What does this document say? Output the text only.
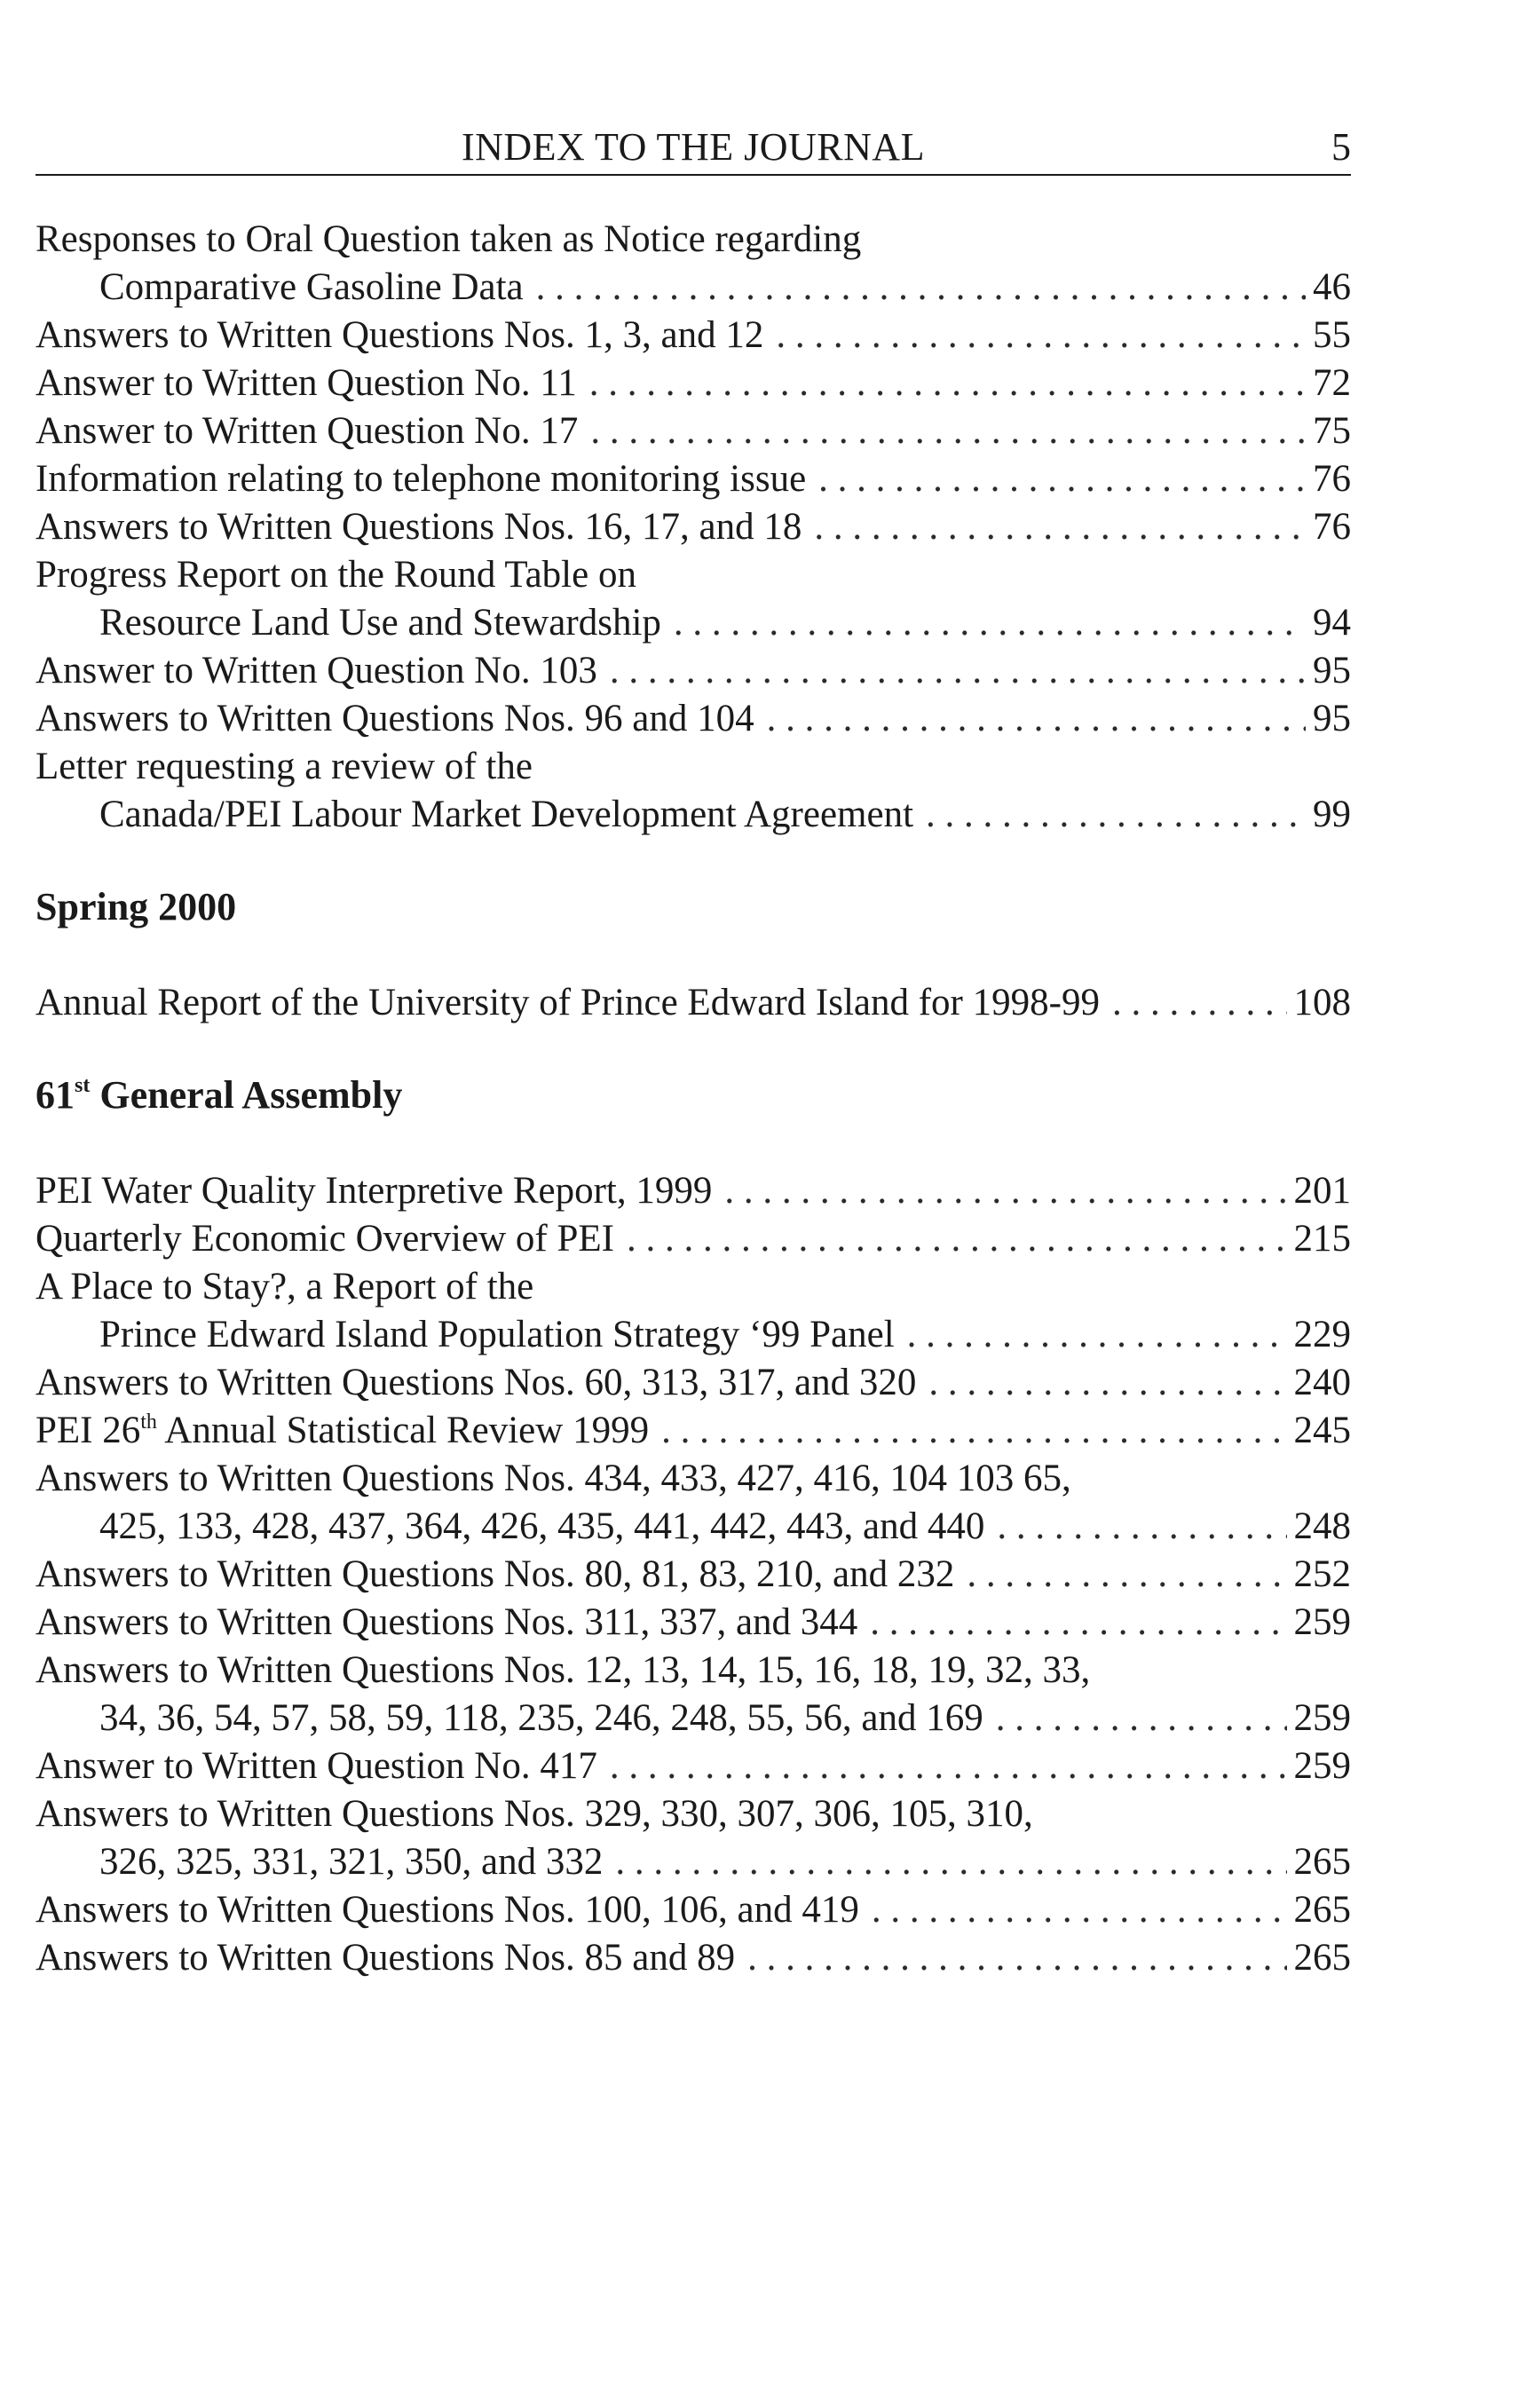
INDEX TO THE JOURNAL	5
Responses to Oral Question taken as Notice regarding
Comparative Gasoline Data . . .	46
Answers to Written Questions Nos. 1, 3, and 12 . . .	55
Answer to Written Question No. 11 . . .	72
Answer to Written Question No. 17 . . .	75
Information relating to telephone monitoring issue . . .	76
Answers to Written Questions Nos. 16, 17, and 18 . . .	76
Progress Report on the Round Table on
Resource Land Use and Stewardship . . .	94
Answer to Written Question No. 103 . . .	95
Answers to Written Questions Nos. 96 and 104 . . .	95
Letter requesting a review of the
Canada/PEI Labour Market Development Agreement . . .	99
Spring 2000
Annual Report of the University of Prince Edward Island for 1998-99 . . .	108
61st General Assembly
PEI Water Quality Interpretive Report, 1999 . . .	201
Quarterly Economic Overview of PEI . . .	215
A Place to Stay?, a Report of the
Prince Edward Island Population Strategy ‘99 Panel . . .	229
Answers to Written Questions Nos. 60, 313, 317, and 320 . . .	240
PEI 26th Annual Statistical Review 1999 . . .	245
Answers to Written Questions Nos. 434, 433, 427, 416, 104 103 65,
425, 133, 428, 437, 364, 426, 435, 441, 442, 443, and 440 . . .	248
Answers to Written Questions Nos. 80, 81, 83, 210, and 232 . . .	252
Answers to Written Questions Nos. 311, 337, and 344 . . .	259
Answers to Written Questions Nos. 12, 13, 14, 15, 16, 18, 19, 32, 33,
34, 36, 54, 57, 58, 59, 118, 235, 246, 248, 55, 56, and 169 . . .	259
Answer to Written Question No. 417 . . .	259
Answers to Written Questions Nos. 329, 330, 307, 306, 105, 310,
326, 325, 331, 321, 350, and 332 . . .	265
Answers to Written Questions Nos. 100, 106, and 419 . . .	265
Answers to Written Questions Nos. 85 and 89 . . .	265
